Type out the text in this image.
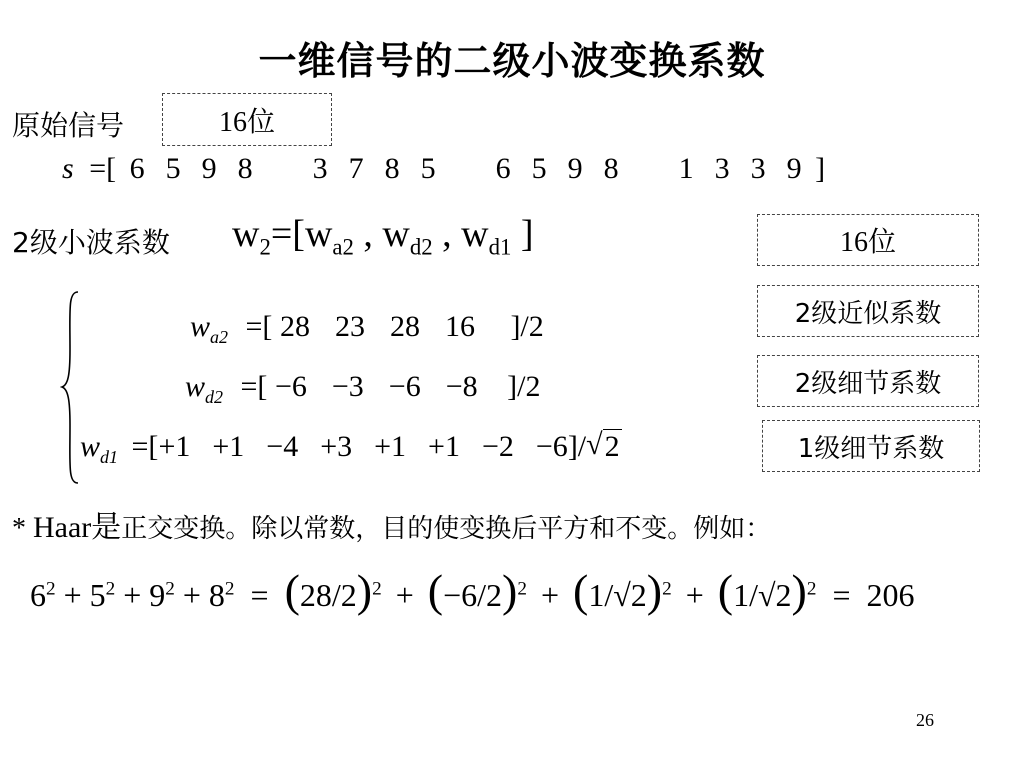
一维信号的二级小波变换系数
原始信号	16位
s =[ 6 5 9 8 3 7 8 5 6 5 9 8 1 3 3 9 ]
2级小波系数 $w_2=[w_{a2}$ , $w_{d2}$ , $w_{d1}$ ]	16位
$w_{a2}$ =[ 28 23 28 16 ]/2	2级近似系数
$w_{d2}$ =[ −6 −3 −6 −8 ]/2	2级细节系数
$w_{d1} =[+1 +1 -4 +3 +1 +1 -2 -6]/√2$	1级细节系数
* Haar是正交变换。除以常数，目的使变换后平方和不变。例如：
$6^2 + 5^2 + 9^2 + 8^2 = (28/2)^2 + (-6/2)^2 + (1/√2)^2 + (1/√2)^2 = 206$
26
